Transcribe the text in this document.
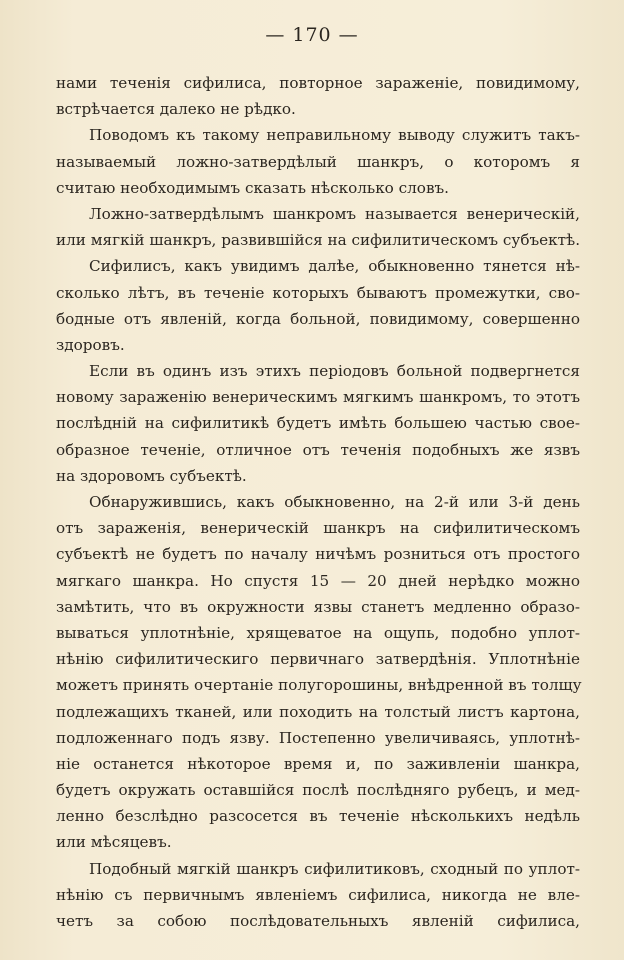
— 170 —
нами теченія сифилиса, повторное зараженіе, повидимому,
встрѣчается далеко не рѣдко.
Поводомъ къ такому неправильному выводу служитъ такъ-
называемый ложно-затвердѣлый шанкръ, о которомъ я
считаю необходимымъ сказать нѣсколько словъ.
Ложно-затвердѣлымъ шанкромъ называется венерическій,
или мягкій шанкръ, развившійся на сифилитическомъ субъектѣ.
Сифилисъ, какъ увидимъ далѣе, обыкновенно тянется нѣ-
сколько лѣтъ, въ теченіе которыхъ бываютъ промежутки, сво-
бодные отъ явленій, когда больной, повидимому, совершенно
здоровъ.
Если въ одинъ изъ этихъ періодовъ больной подвергнется
новому зараженію венерическимъ мягкимъ шанкромъ, то этотъ
послѣдній на сифилитикѣ будетъ имѣть большею частью свое-
образное теченіе, отличное отъ теченія подобныхъ же язвъ
на здоровомъ субъектѣ.
Обнаружившись, какъ обыкновенно, на 2-й или 3-й день
отъ зараженія, венерическій шанкръ на сифилитическомъ
субъектѣ не будетъ по началу ничѣмъ розниться отъ простого
мягкаго шанкра. Но спустя 15 — 20 дней нерѣдко можно
замѣтить, что въ окружности язвы станетъ медленно образо-
вываться уплотнѣніе, хрящеватое на ощупь, подобно уплот-
нѣнію сифилитическиго первичнаго затвердѣнія. Уплотнѣніе
можетъ принять очертаніе полугорошины, внѣдренной въ толщу
подлежащихъ тканей, или походить на толстый листъ картона,
подложеннаго подъ язву. Постепенно увеличиваясь, уплотнѣ-
ніе останется нѣкоторое время и, по заживленіи шанкра,
будетъ окружать оставшійся послѣ послѣдняго рубецъ, и мед-
ленно безслѣдно разсосется въ теченіе нѣсколькихъ недѣль
или мѣсяцевъ.
Подобный мягкій шанкръ сифилитиковъ, сходный по уплот-
нѣнію съ первичнымъ явленіемъ сифилиса, никогда не вле-
четъ за собою послѣдовательныхъ явленій сифилиса,
